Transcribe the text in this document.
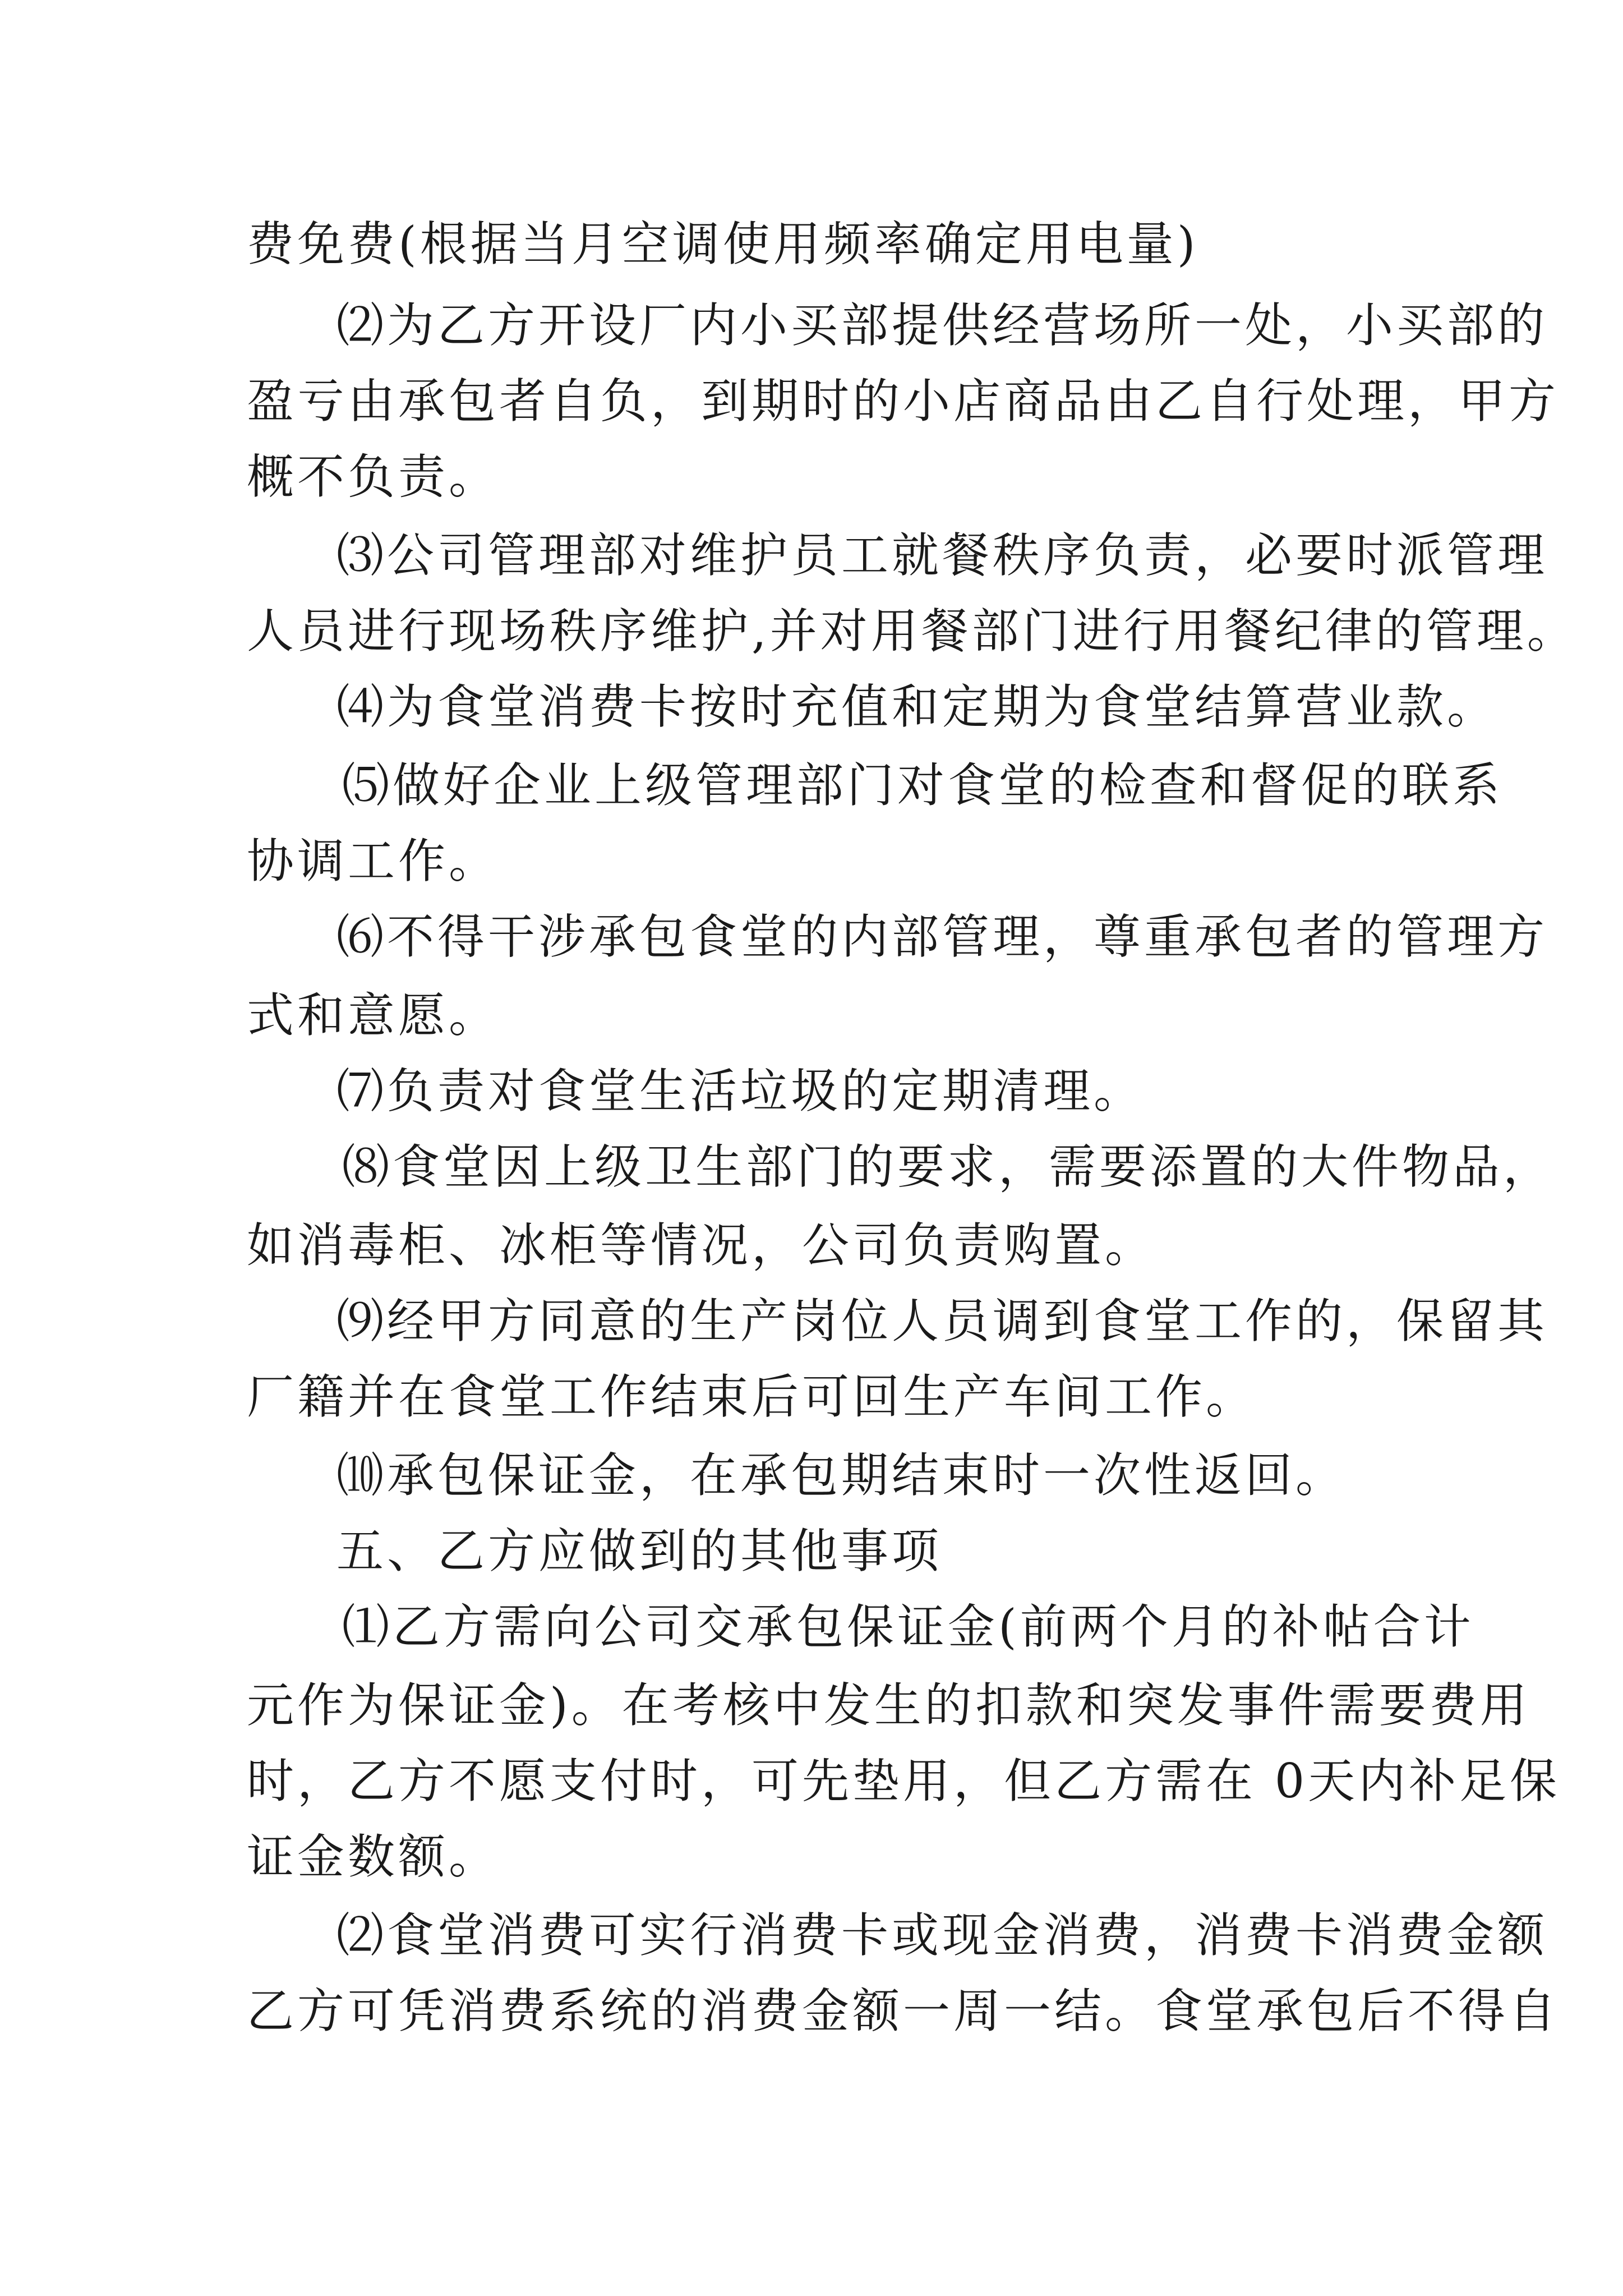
费免费(根据当月空调使用频率确定用电量)
⑵为乙方开设厂内小买部提供经营场所一处，小买部的
盈亏由承包者自负，到期时的小店商品由乙自行处理，甲方
概不负责。
⑶公司管理部对维护员工就餐秩序负责，必要时派管理
人员进行现场秩序维护,并对用餐部门进行用餐纪律的管理。
⑷为食堂消费卡按时充值和定期为食堂结算营业款。
⑸做好企业上级管理部门对食堂的检查和督促的联系
协调工作。
⑹不得干涉承包食堂的内部管理，尊重承包者的管理方
式和意愿。
⑺负责对食堂生活垃圾的定期清理。
⑻食堂因上级卫生部门的要求，需要添置的大件物品，
如消毒柜、冰柜等情况，公司负责购置。
⑼经甲方同意的生产岗位人员调到食堂工作的，保留其
厂籍并在食堂工作结束后可回生产车间工作。
⑽承包保证金，在承包期结束时一次性返回。
五、乙方应做到的其他事项
⑴乙方需向公司交承包保证金(前两个月的补帖合计
元作为保证金)。在考核中发生的扣款和突发事件需要费用
时，乙方不愿支付时，可先垫用，但乙方需在 0天内补足保
证金数额。
⑵食堂消费可实行消费卡或现金消费，消费卡消费金额
乙方可凭消费系统的消费金额一周一结。食堂承包后不得自
